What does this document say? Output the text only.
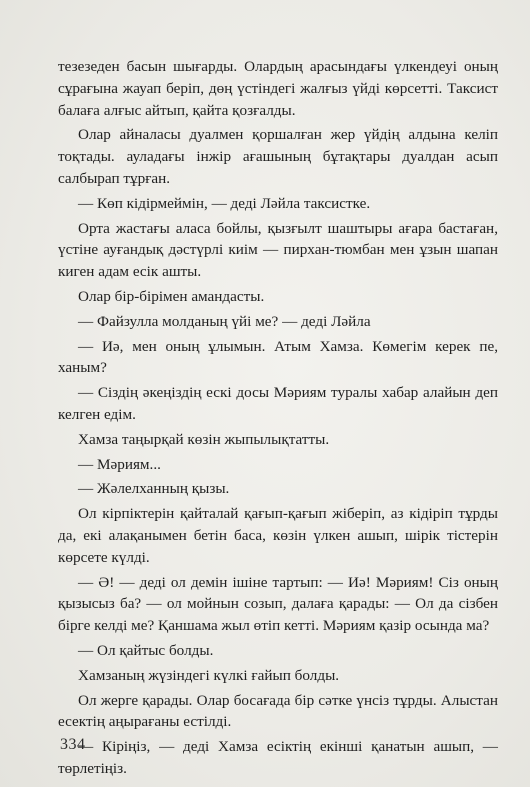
тезезеден басын шығарды. Олардың арасындағы үлкендеуі оның сұрағына жауап беріп, дөң үстіндегі жалғыз үйді көрсетті. Таксист балаға алғыс айтып, қайта қозғалды.

Олар айналасы дуалмен қоршалған жер үйдің алдына келіп тоқтады. ауладағы інжір ағашының бұтақтары дуалдан асып салбырап тұрған.

— Көп кідірмеймін, — деді Ләйла таксистке.

Орта жастағы аласа бойлы, қызғылт шаштыры ағара бастаған, үстіне ауғандық дәстүрлі киім — пирхан-тюмбан мен ұзын шапан киген адам есік ашты.

Олар бір-бірімен амандасты.

— Файзулла молданың үйі ме? — деді Ләйла

— Иә, мен оның ұлымын. Атым Хамза. Көмегім керек пе, ханым?

— Сіздің әкеңіздің ескі досы Мәриям туралы хабар алайын деп келген едім.

Хамза таңырқай көзін жыпылықтатты.

— Мәриям...

— Жәлелханның қызы.

Ол кірпіктерін қайталай қағып-қағып жіберіп, аз кідіріп тұрды да, екі алақанымен бетін баса, көзін үлкен ашып, шірік тістерін көрсете күлді.

— Ә! — деді ол демін ішіне тартып: — Иә! Мәриям! Сіз оның қызысыз ба? — ол мойнын созып, далаға қарады: — Ол да сізбен бірге келді ме? Қаншама жыл өтіп кетті. Мәриям қазір осында ма?

— Ол қайтыс болды.

Хамзаның жүзіндегі күлкі ғайып болды.

Ол жерге қарады. Олар босағада бір сәтке үнсіз тұрды. Алыстан есектің аңырағаны естілді.

— Кіріңіз, — деді Хамза есіктің екінші қанатын ашып, — төрлетіңіз.

334
